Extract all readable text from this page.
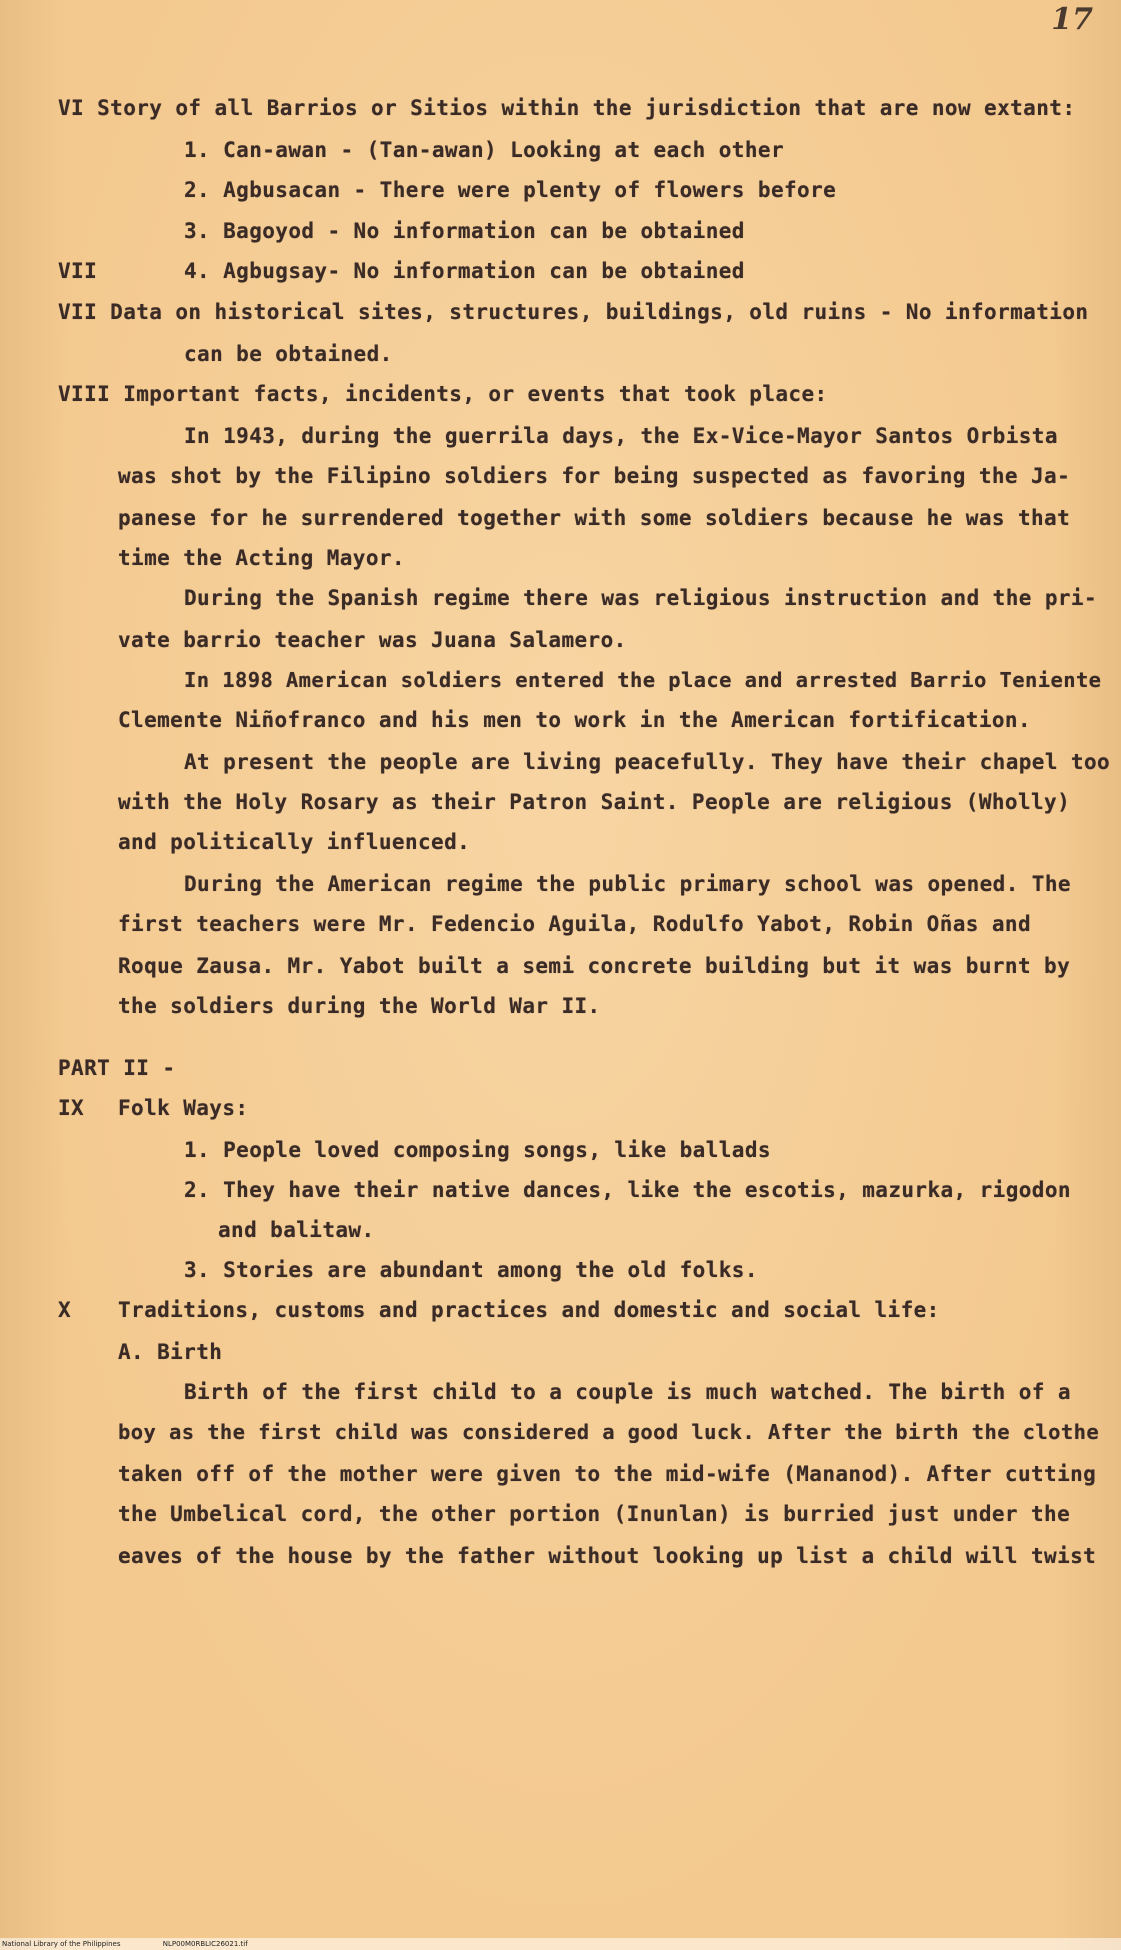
17
VI Story of all Barrios or Sitios within the jurisdiction that are now extant:
1. Can-awan - (Tan-awan) Looking at each other
2. Agbusacan - There were plenty of flowers before
3. Bagoyod - No information can be obtained
VII	4. Agbugsay- No information can be obtained
VII Data on historical sites, structures, buildings, old ruins - No information
can be obtained.
VIII Important facts, incidents, or events that took place:
In 1943, during the guerrila days, the Ex-Vice-Mayor Santos Orbista
was shot by the Filipino soldiers for being suspected as favoring the Ja-
panese for he surrendered together with some soldiers because he was that
time the Acting Mayor.
During the Spanish regime there was religious instruction and the pri-
vate barrio teacher was Juana Salamero.
In 1898 American soldiers entered the place and arrested Barrio Teniente
Clemente Niñofranco and his men to work in the American fortification.
At present the people are living peacefully. They have their chapel too
with the Holy Rosary as their Patron Saint. People are religious (Wholly)
and politically influenced.
During the American regime the public primary school was opened. The
first teachers were Mr. Fedencio Aguila, Rodulfo Yabot, Robin Oñas and
Roque Zausa. Mr. Yabot built a semi concrete building but it was burnt by
the soldiers during the World War II.
PART II -
IX Folk Ways:
1. People loved composing songs, like ballads
2. They have their native dances, like the escotis, mazurka, rigodon
and balitaw.
3. Stories are abundant among the old folks.
X Traditions, customs and practices and domestic and social life:
A. Birth
Birth of the first child to a couple is much watched. The birth of a
boy as the first child was considered a good luck. After the birth the clothe
taken off of the mother were given to the mid-wife (Mananod). After cutting
the Umbelical cord, the other portion (Inunlan) is burried just under the
eaves of the house by the father without looking up list a child will twist
National Library of the Philippines	NLP00M0RBLIC26021.tif
